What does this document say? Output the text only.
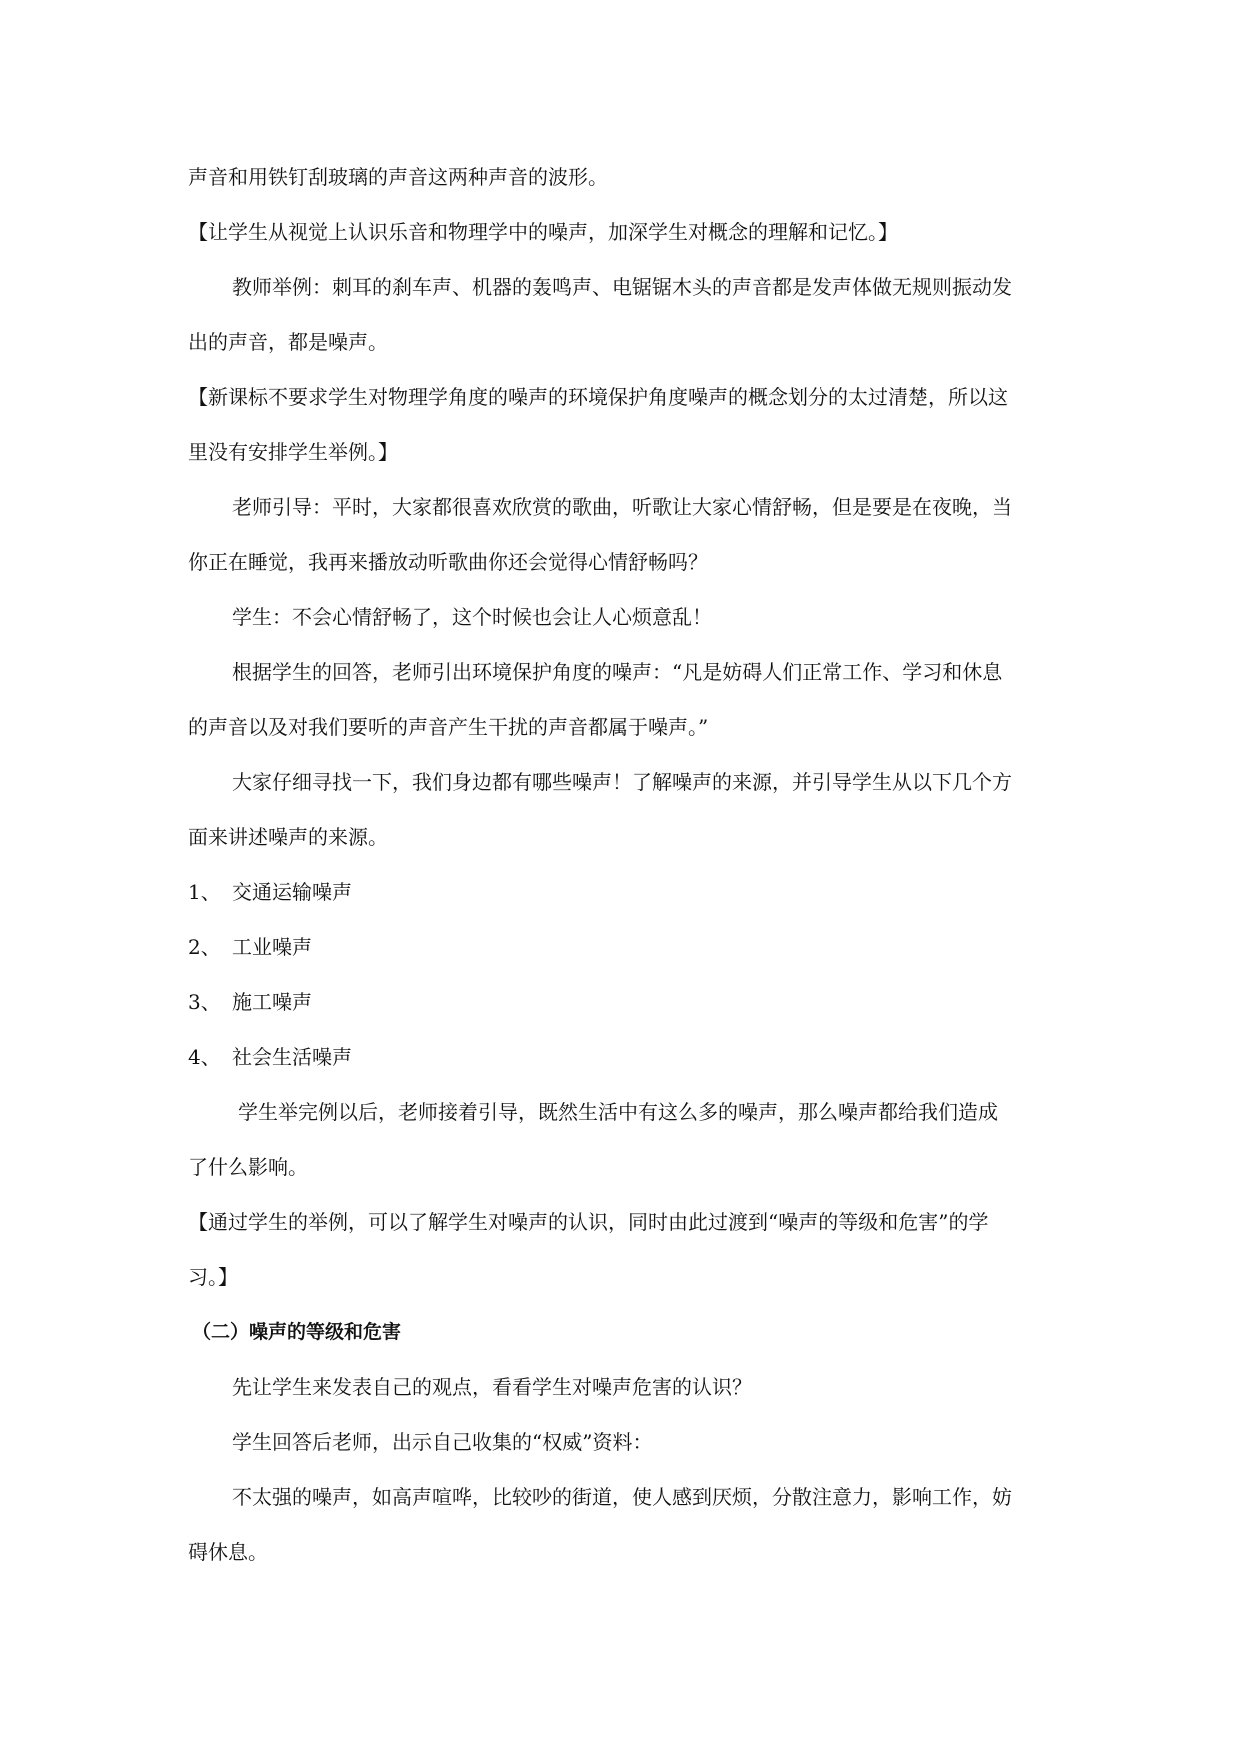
声音和用铁钉刮玻璃的声音这两种声音的波形。
【让学生从视觉上认识乐音和物理学中的噪声，加深学生对概念的理解和记忆。】
教师举例：刺耳的刹车声、机器的轰鸣声、电锯锯木头的声音都是发声体做无规则振动发
出的声音，都是噪声。
【新课标不要求学生对物理学角度的噪声的环境保护角度噪声的概念划分的太过清楚，所以这
里没有安排学生举例。】
老师引导：平时，大家都很喜欢欣赏的歌曲，听歌让大家心情舒畅，但是要是在夜晚，当
你正在睡觉，我再来播放动听歌曲你还会觉得心情舒畅吗？
学生：不会心情舒畅了，这个时候也会让人心烦意乱！
根据学生的回答，老师引出环境保护角度的噪声：“凡是妨碍人们正常工作、学习和休息
的声音以及对我们要听的声音产生干扰的声音都属于噪声。”
大家仔细寻找一下，我们身边都有哪些噪声！了解噪声的来源，并引导学生从以下几个方
面来讲述噪声的来源。
1、 交通运输噪声
2、 工业噪声
3、 施工噪声
4、 社会生活噪声
学生举完例以后，老师接着引导，既然生活中有这么多的噪声，那么噪声都给我们造成
了什么影响。
【通过学生的举例，可以了解学生对噪声的认识，同时由此过渡到“噪声的等级和危害”的学
习。】
（二）噪声的等级和危害
先让学生来发表自己的观点，看看学生对噪声危害的认识？
学生回答后老师，出示自己收集的“权威”资料：
不太强的噪声，如高声喧哗，比较吵的街道，使人感到厌烦，分散注意力，影响工作，妨
碍休息。
